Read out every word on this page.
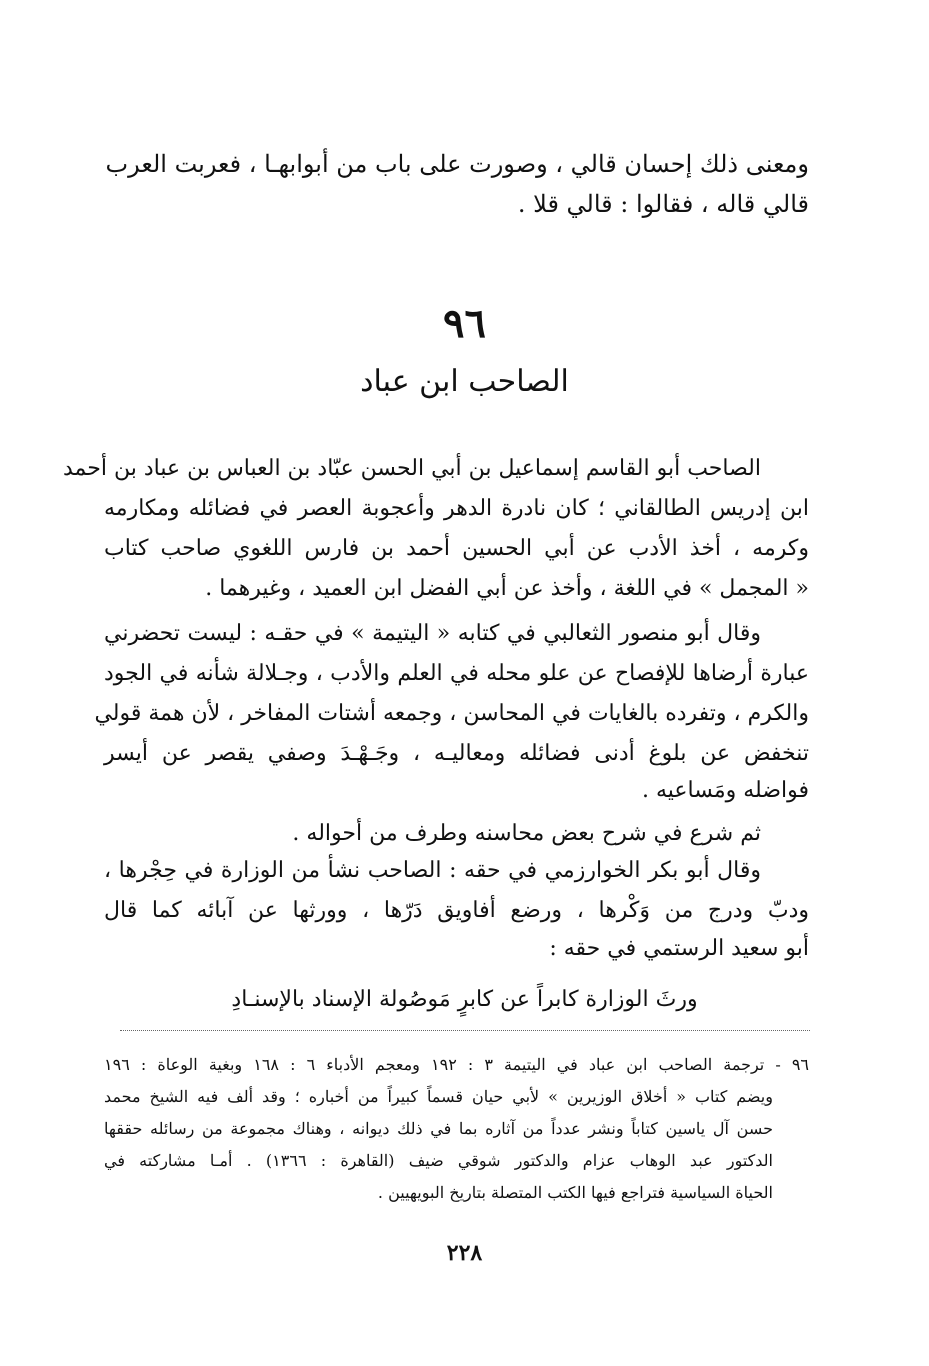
ومعنى ذلك إحسان قالي ، وصورت على باب من أبوابهـا ، فعربت العرب
قالي قاله ، فقالوا : قالي قلا .
٩٦
الصاحب ابن عباد
الصاحب أبو القاسم إسماعيل بن أبي الحسن عبّاد بن العباس بن عباد بن أحمد
ابن إدريس الطالقاني ؛ كان نادرة الدهر وأعجوبة العصر في فضائله ومكارمه
وكرمه ، أخذ الأدب عن أبي الحسين أحمد بن فارس اللغوي صاحب كتاب
« المجمل » في اللغة ، وأخذ عن أبي الفضل ابن العميد ، وغيرهما .
وقال أبو منصور الثعالبي في كتابه « اليتيمة » في حقـه : ليست تحضرني
عبارة أرضاها للإفصاح عن علو محله في العلم والأدب ، وجـلالة شأنه في الجود
والكرم ، وتفرده بالغايات في المحاسن ، وجمعه أشتات المفاخر ، لأن همة قولي
تنخفض عن بلوغ أدنى فضائله ومعاليـه ، وجَـهْـدَ وصفي يقصر عن أيسر
فواضله ومَساعيه .
ثم شرع في شرح بعض محاسنه وطرف من أحواله .
وقال أبو بكر الخوارزمي في حقه : الصاحب نشأ من الوزارة في حِجْرها ،
ودبّ ودرج من وَكْرها ، ورضع أفاويق دَرّها ، وورثها عن آبائه كما قال
أبو سعيد الرستمي في حقه :
ورثَ الوزارة كابراً عن كابرٍ مَوصُولة الإسناد بالإسنـادِ
٩٦ - ترجمة الصاحب ابن عباد في اليتيمة ٣ : ١٩٢ ومعجم الأدباء ٦ : ١٦٨ وبغية الوعاة : ١٩٦
ويضم كتاب « أخلاق الوزيرين » لأبي حيان قسماً كبيراً من أخباره ؛ وقد ألف فيه الشيخ محمد
حسن آل ياسين كتاباً ونشر عدداً من آثاره بما في ذلك ديوانه ، وهناك مجموعة من رسائله حققها
الدكتور عبد الوهاب عزام والدكتور شوقي ضيف (القاهرة : ١٣٦٦) . أمـا مشاركته في
الحياة السياسية فتراجع فيها الكتب المتصلة بتاريخ البويهيين .
٢٢٨
